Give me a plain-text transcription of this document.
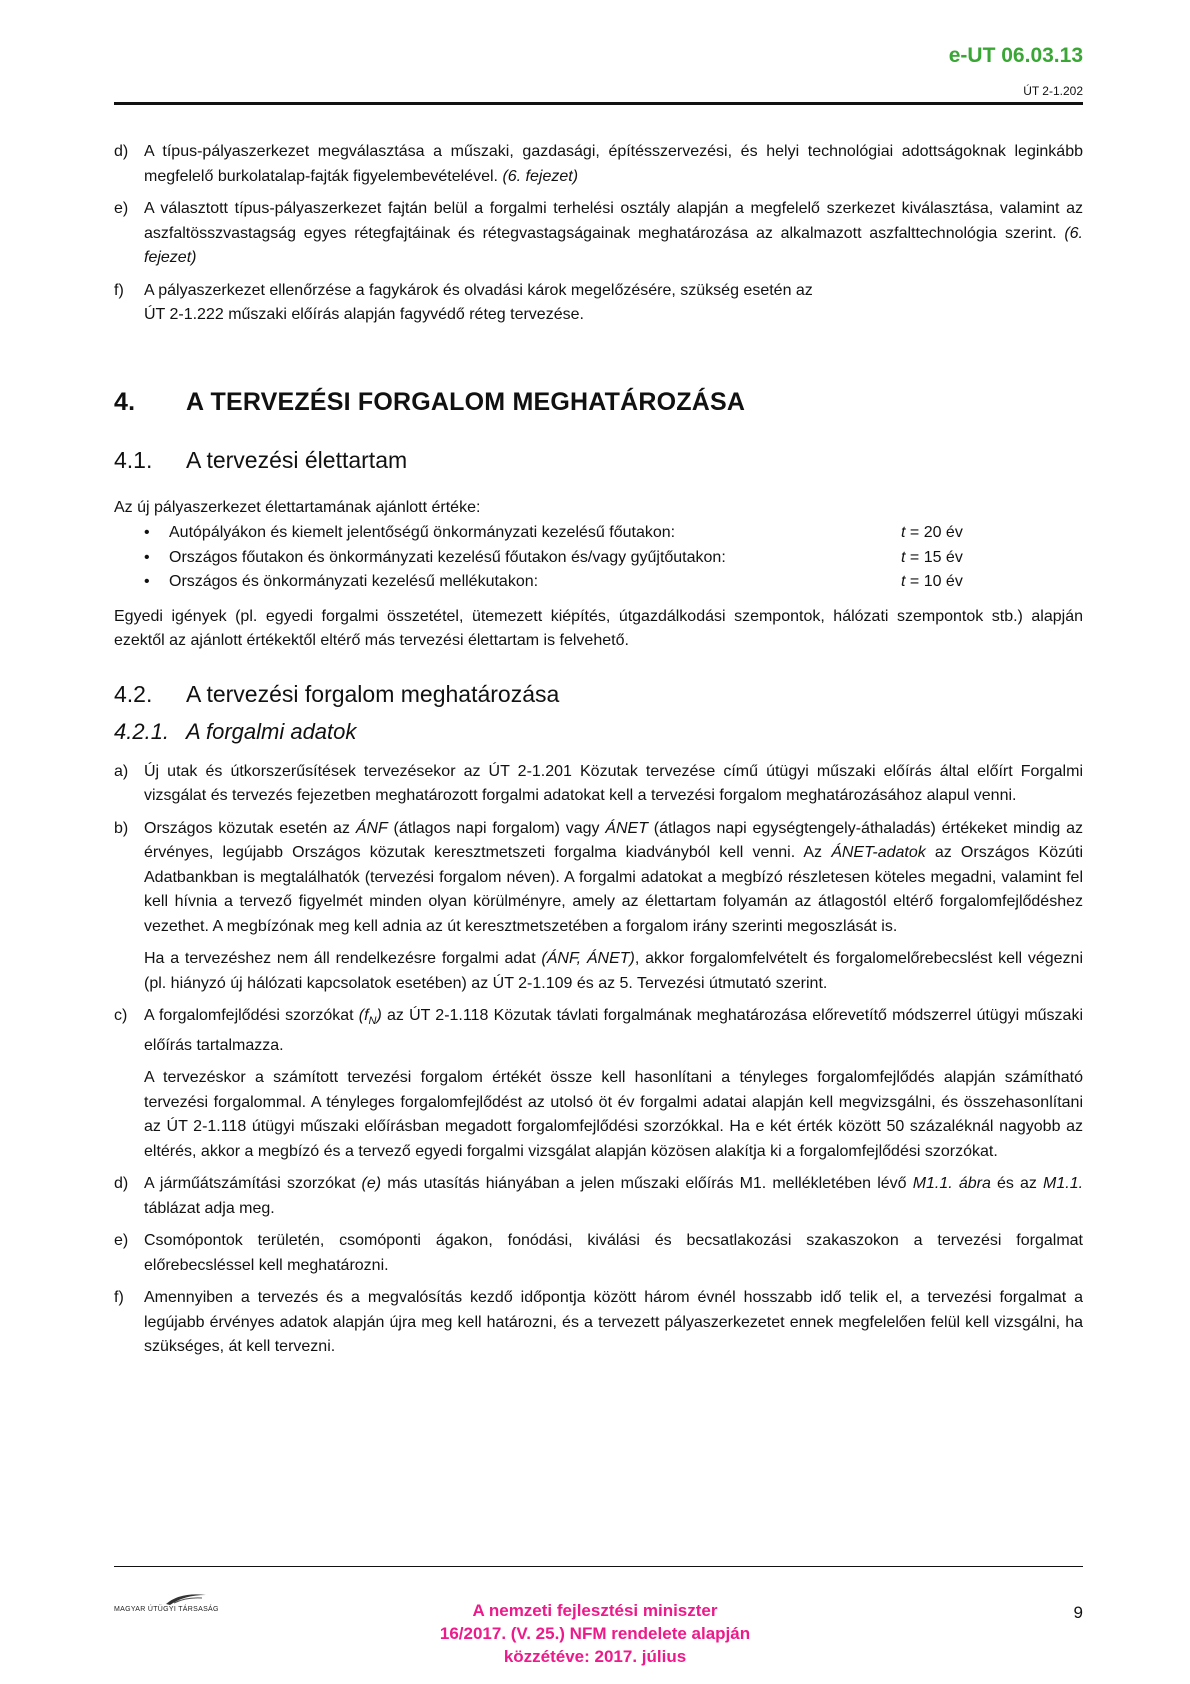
e-UT 06.03.13
ÚT 2-1.202
d) A típus-pályaszerkezet megválasztása a műszaki, gazdasági, építésszervezési, és helyi technológiai adottságoknak leginkább megfelelő burkolatalap-fajták figyelembevételével. (6. fejezet)
e) A választott típus-pályaszerkezet fajtán belül a forgalmi terhelési osztály alapján a megfelelő szerkezet kiválasztása, valamint az aszfaltösszvastagság egyes rétegfajtáinak és rétegvastagságainak meghatározása az alkalmazott aszfalttechnológia szerint. (6. fejezet)
f) A pályaszerkezet ellenőrzése a fagykárok és olvadási károk megelőzésére, szükség esetén az
ÚT 2-1.222 műszaki előírás alapján fagyvédő réteg tervezése.
4. A TERVEZÉSI FORGALOM MEGHATÁROZÁSA
4.1. A tervezési élettartam
Az új pályaszerkezet élettartamának ajánlott értéke:
• Autópályákon és kiemelt jelentőségű önkormányzati kezelésű főutakon:	t = 20 év
• Országos főutakon és önkormányzati kezelésű főutakon és/vagy gyűjtőutakon:	t = 15 év
• Országos és önkormányzati kezelésű mellékutakon:	t = 10 év
Egyedi igények (pl. egyedi forgalmi összetétel, ütemezett kiépítés, útgazdálkodási szempontok, hálózati szempontok stb.) alapján ezektől az ajánlott értékektől eltérő más tervezési élettartam is felvehető.
4.2. A tervezési forgalom meghatározása
4.2.1. A forgalmi adatok
a) Új utak és útkorszerűsítések tervezésekor az ÚT 2-1.201 Közutak tervezése című útügyi műszaki előírás által előírt Forgalmi vizsgálat és tervezés fejezetben meghatározott forgalmi adatokat kell a tervezési forgalom meghatározásához alapul venni.
b) Országos közutak esetén az ÁNF (átlagos napi forgalom) vagy ÁNET (átlagos napi egységtengely-áthaladás) értékeket mindig az érvényes, legújabb Országos közutak keresztmetszeti forgalma kiadványból kell venni. Az ÁNET-adatok az Országos Közúti Adatbankban is megtalálhatók (tervezési forgalom néven). A forgalmi adatokat a megbízó részletesen köteles megadni, valamint fel kell hívnia a tervező figyelmét minden olyan körülményre, amely az élettartam folyamán az átlagostól eltérő forgalomfejlődéshez vezethet. A megbízónak meg kell adnia az út keresztmetszetében a forgalom irány szerinti megoszlását is.
Ha a tervezéshez nem áll rendelkezésre forgalmi adat (ÁNF, ÁNET), akkor forgalomfelvételt és forgalomelőrebecslést kell végezni (pl. hiányzó új hálózati kapcsolatok esetében) az ÚT 2-1.109 és az 5. Tervezési útmutató szerint.
c) A forgalomfejlődési szorzókat $(f_N)$ az ÚT 2-1.118 Közutak távlati forgalmának meghatározása előrevetítő módszerrel útügyi műszaki előírás tartalmazza.
A tervezéskor a számított tervezési forgalom értékét össze kell hasonlítani a tényleges forgalomfejlődés alapján számítható tervezési forgalommal. A tényleges forgalomfejlődést az utolsó öt év forgalmi adatai alapján kell megvizsgálni, és összehasonlítani az ÚT 2-1.118 útügyi műszaki előírásban megadott forgalomfejlődési szorzókkal. Ha e két érték között 50 százaléknál nagyobb az eltérés, akkor a megbízó és a tervező egyedi forgalmi vizsgálat alapján közösen alakítja ki a forgalomfejlődési szorzókat.
d) A járműátszámítási szorzókat (e) más utasítás hiányában a jelen műszaki előírás M1. mellékletében lévő M1.1. ábra és az M1.1. táblázat adja meg.
e) Csomópontok területén, csomóponti ágakon, fonódási, kiválási és becsatlakozási szakaszokon a tervezési forgalmat előrebecsléssel kell meghatározni.
f) Amennyiben a tervezés és a megvalósítás kezdő időpontja között három évnél hosszabb idő telik el, a tervezési forgalmat a legújabb érvényes adatok alapján újra meg kell határozni, és a tervezett pályaszerkezetet ennek megfelelően felül kell vizsgálni, ha szükséges, át kell tervezni.
MAGYAR ÚTÜGYI TÁRSASÁG	A nemzeti fejlesztési miniszter
16/2017. (V. 25.) NFM rendelete alapján
közzétéve: 2017. július
9
